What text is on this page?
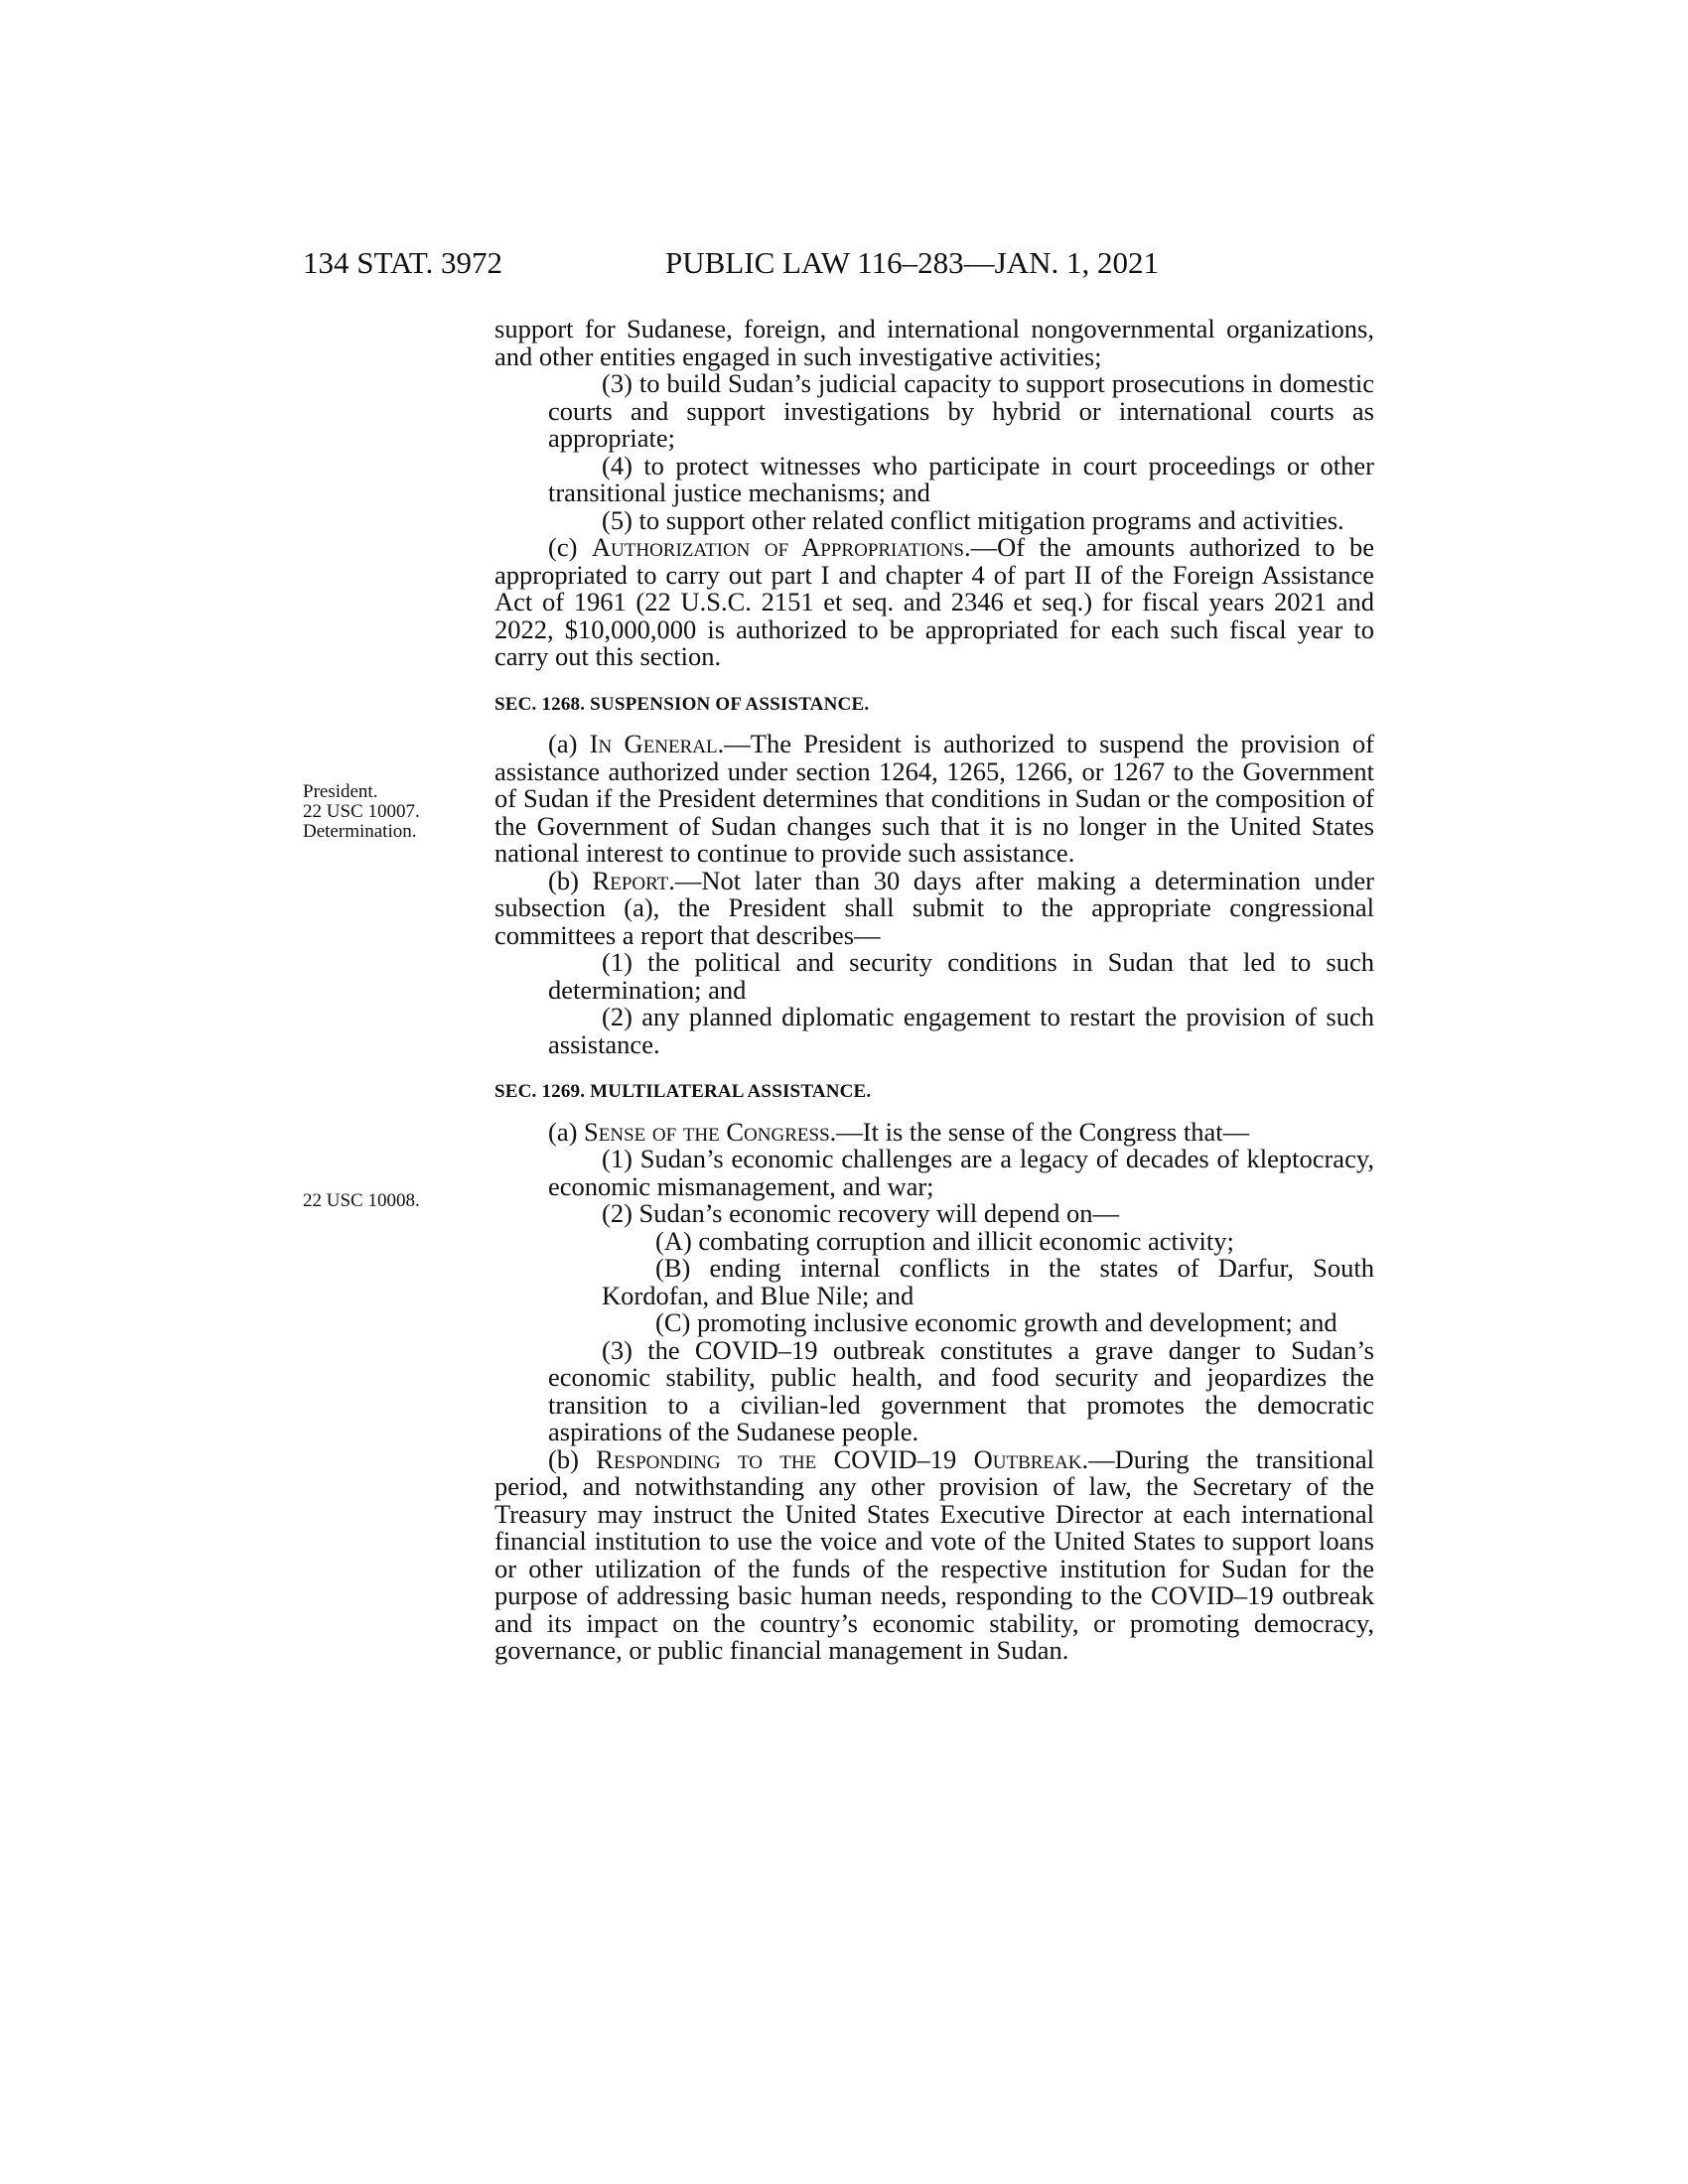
134 STAT. 3972	PUBLIC LAW 116–283—JAN. 1, 2021
President.
22 USC 10007.
Determination.
22 USC 10008.

support for Sudanese, foreign, and international nongovernmental organizations, and other entities engaged in such investigative activities;

(3) to build Sudan’s judicial capacity to support prosecutions in domestic courts and support investigations by hybrid or international courts as appropriate;

(4) to protect witnesses who participate in court proceedings or other transitional justice mechanisms; and

(5) to support other related conflict mitigation programs and activities.

(c) Authorization of Appropriations.—Of the amounts authorized to be appropriated to carry out part I and chapter 4 of part II of the Foreign Assistance Act of 1961 (22 U.S.C. 2151 et seq. and 2346 et seq.) for fiscal years 2021 and 2022, $10,000,000 is authorized to be appropriated for each such fiscal year to carry out this section.

SEC. 1268. SUSPENSION OF ASSISTANCE.

(a) In General.—The President is authorized to suspend the provision of assistance authorized under section 1264, 1265, 1266, or 1267 to the Government of Sudan if the President determines that conditions in Sudan or the composition of the Government of Sudan changes such that it is no longer in the United States national interest to continue to provide such assistance.

(b) Report.—Not later than 30 days after making a determination under subsection (a), the President shall submit to the appropriate congressional committees a report that describes—

(1) the political and security conditions in Sudan that led to such determination; and

(2) any planned diplomatic engagement to restart the provision of such assistance.

SEC. 1269. MULTILATERAL ASSISTANCE.

(a) Sense of the Congress.—It is the sense of the Congress that—

(1) Sudan’s economic challenges are a legacy of decades of kleptocracy, economic mismanagement, and war;

(2) Sudan’s economic recovery will depend on—

(A) combating corruption and illicit economic activity;

(B) ending internal conflicts in the states of Darfur, South Kordofan, and Blue Nile; and

(C) promoting inclusive economic growth and development; and

(3) the COVID–19 outbreak constitutes a grave danger to Sudan’s economic stability, public health, and food security and jeopardizes the transition to a civilian-led government that promotes the democratic aspirations of the Sudanese people.

(b) Responding to the COVID–19 Outbreak.—During the transitional period, and notwithstanding any other provision of law, the Secretary of the Treasury may instruct the United States Executive Director at each international financial institution to use the voice and vote of the United States to support loans or other utilization of the funds of the respective institution for Sudan for the purpose of addressing basic human needs, responding to the COVID–19 outbreak and its impact on the country’s economic stability, or promoting democracy, governance, or public financial management in Sudan.
